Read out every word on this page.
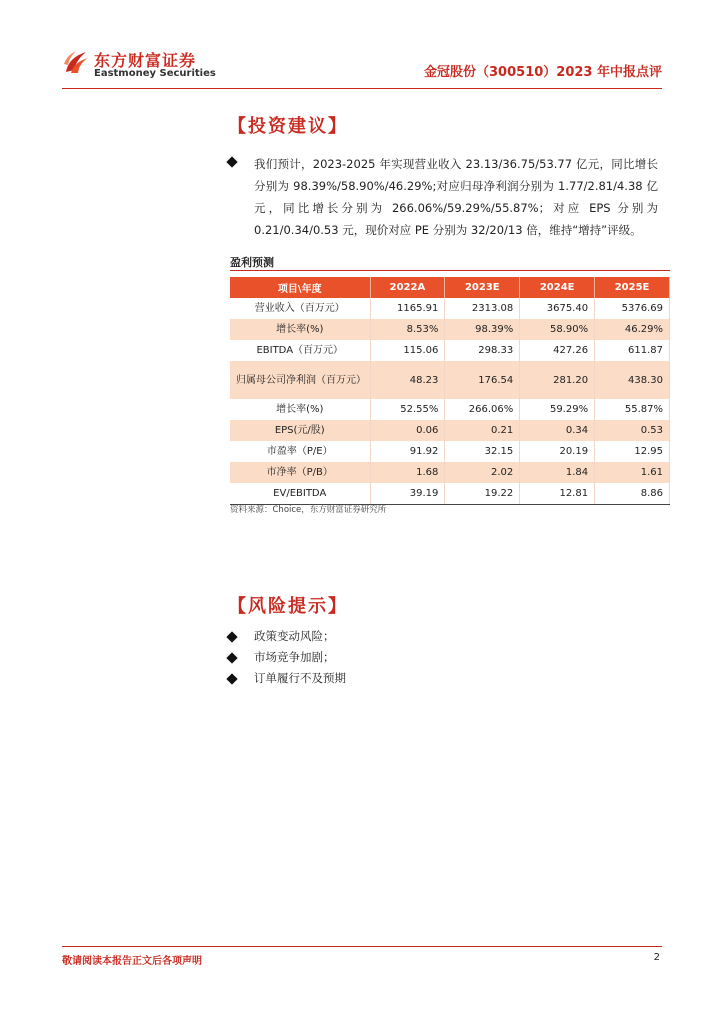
东方财富证券
Eastmoney Securities	金冠股份（300510）2023 年中报点评
【投资建议】
我们预计，2023-2025 年实现营业收入 23.13/36.75/53.77 亿元，同比增长分别为 98.39%/58.90%/46.29%;对应归母净利润分别为 1.77/2.81/4.38 亿元，同比增长分别为 266.06%/59.29%/55.87%；对应 EPS 分别为 0.21/0.34/0.53 元，现价对应 PE 分别为 32/20/13 倍，维持“增持”评级。
盈利预测
项目\年度	2022A	2023E	2024E	2025E
营业收入（百万元）	1165.91	2313.08	3675.40	5376.69
增长率(%)	8.53%	98.39%	58.90%	46.29%
EBITDA（百万元）	115.06	298.33	427.26	611.87
归属母公司净利润（百万元）	48.23	176.54	281.20	438.30
增长率(%)	52.55%	266.06%	59.29%	55.87%
EPS(元/股)	0.06	0.21	0.34	0.53
市盈率（P/E）	91.92	32.15	20.19	12.95
市净率（P/B）	1.68	2.02	1.84	1.61
EV/EBITDA	39.19	19.22	12.81	8.86
资料来源：Choice，东方财富证券研究所
【风险提示】
政策变动风险；
市场竞争加剧；
订单履行不及预期
敬请阅读本报告正文后各项声明	2
